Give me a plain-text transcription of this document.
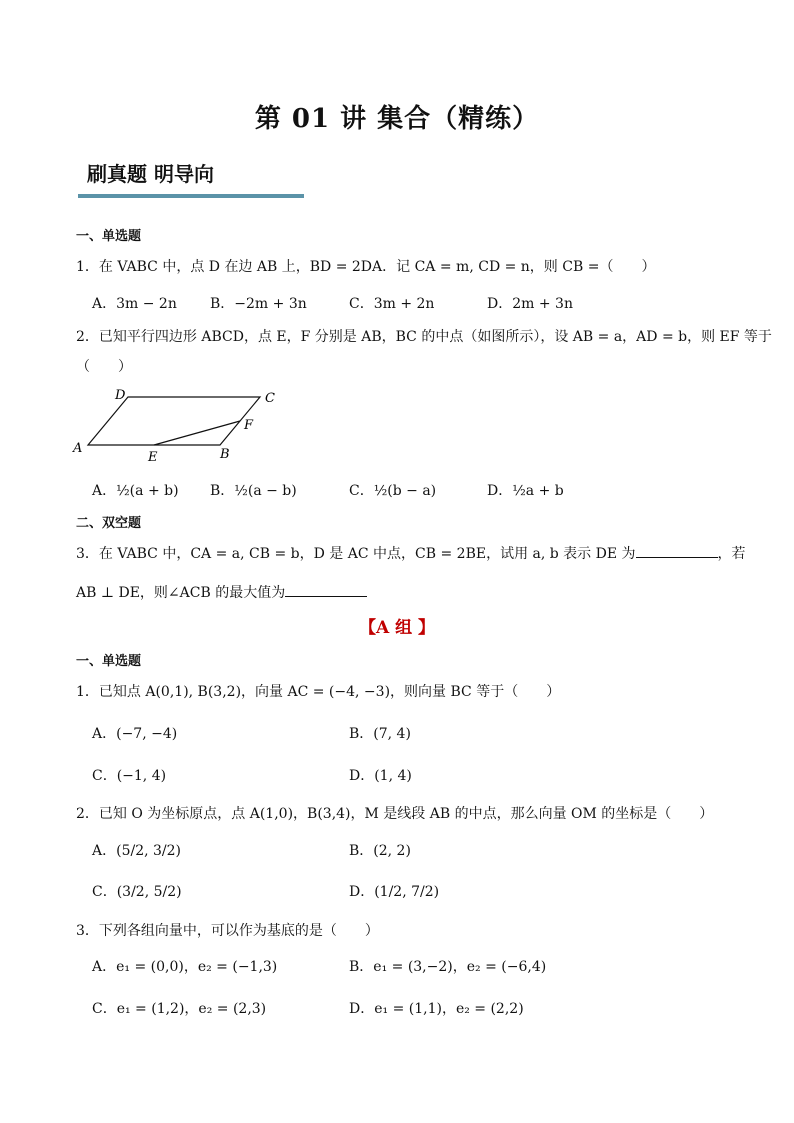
第 01 讲 集合（精练）
刷真题 明导向
一、单选题
1．在 VABC 中，点 D 在边 AB 上，BD = 2DA．记 CA = m, CD = n，则 CB =（　　）
A．3m − 2n B．−2m + 3n	C．3m + 2n	D．2m + 3n
2．已知平行四边形 ABCD，点 E，F 分别是 AB，BC 的中点（如图所示），设 AB = a，AD = b，则 EF 等于
（　　）
D	C
A
E
F
B
A．½(a + b) B．½(a − b)	C．½(b − a)	D．½a + b
二、双空题
3．在 VABC 中，CA = a, CB = b，D 是 AC 中点，CB = 2BE，试用 a, b 表示 DE 为	，若
AB ⊥ DE，则∠ACB 的最大值为
【A 组 】
一、单选题
1．已知点 A(0,1), B(3,2)，向量 AC = (−4, −3)，则向量 BC 等于（　　）
A．(−7, −4)	B．(7, 4)
C．(−1, 4)	D．(1, 4)
2．已知 O 为坐标原点，点 A(1,0)，B(3,4)，M 是线段 AB 的中点，那么向量 OM 的坐标是（　　）
A．(5/2, 3/2)	B．(2, 2)
C．(3/2, 5/2)	D．(1/2, 7/2)
3．下列各组向量中，可以作为基底的是（　　）
A．e₁ = (0,0)，e₂ = (−1,3)	B．e₁ = (3,−2)，e₂ = (−6,4)
C．e₁ = (1,2)，e₂ = (2,3)	D．e₁ = (1,1)，e₂ = (2,2)
